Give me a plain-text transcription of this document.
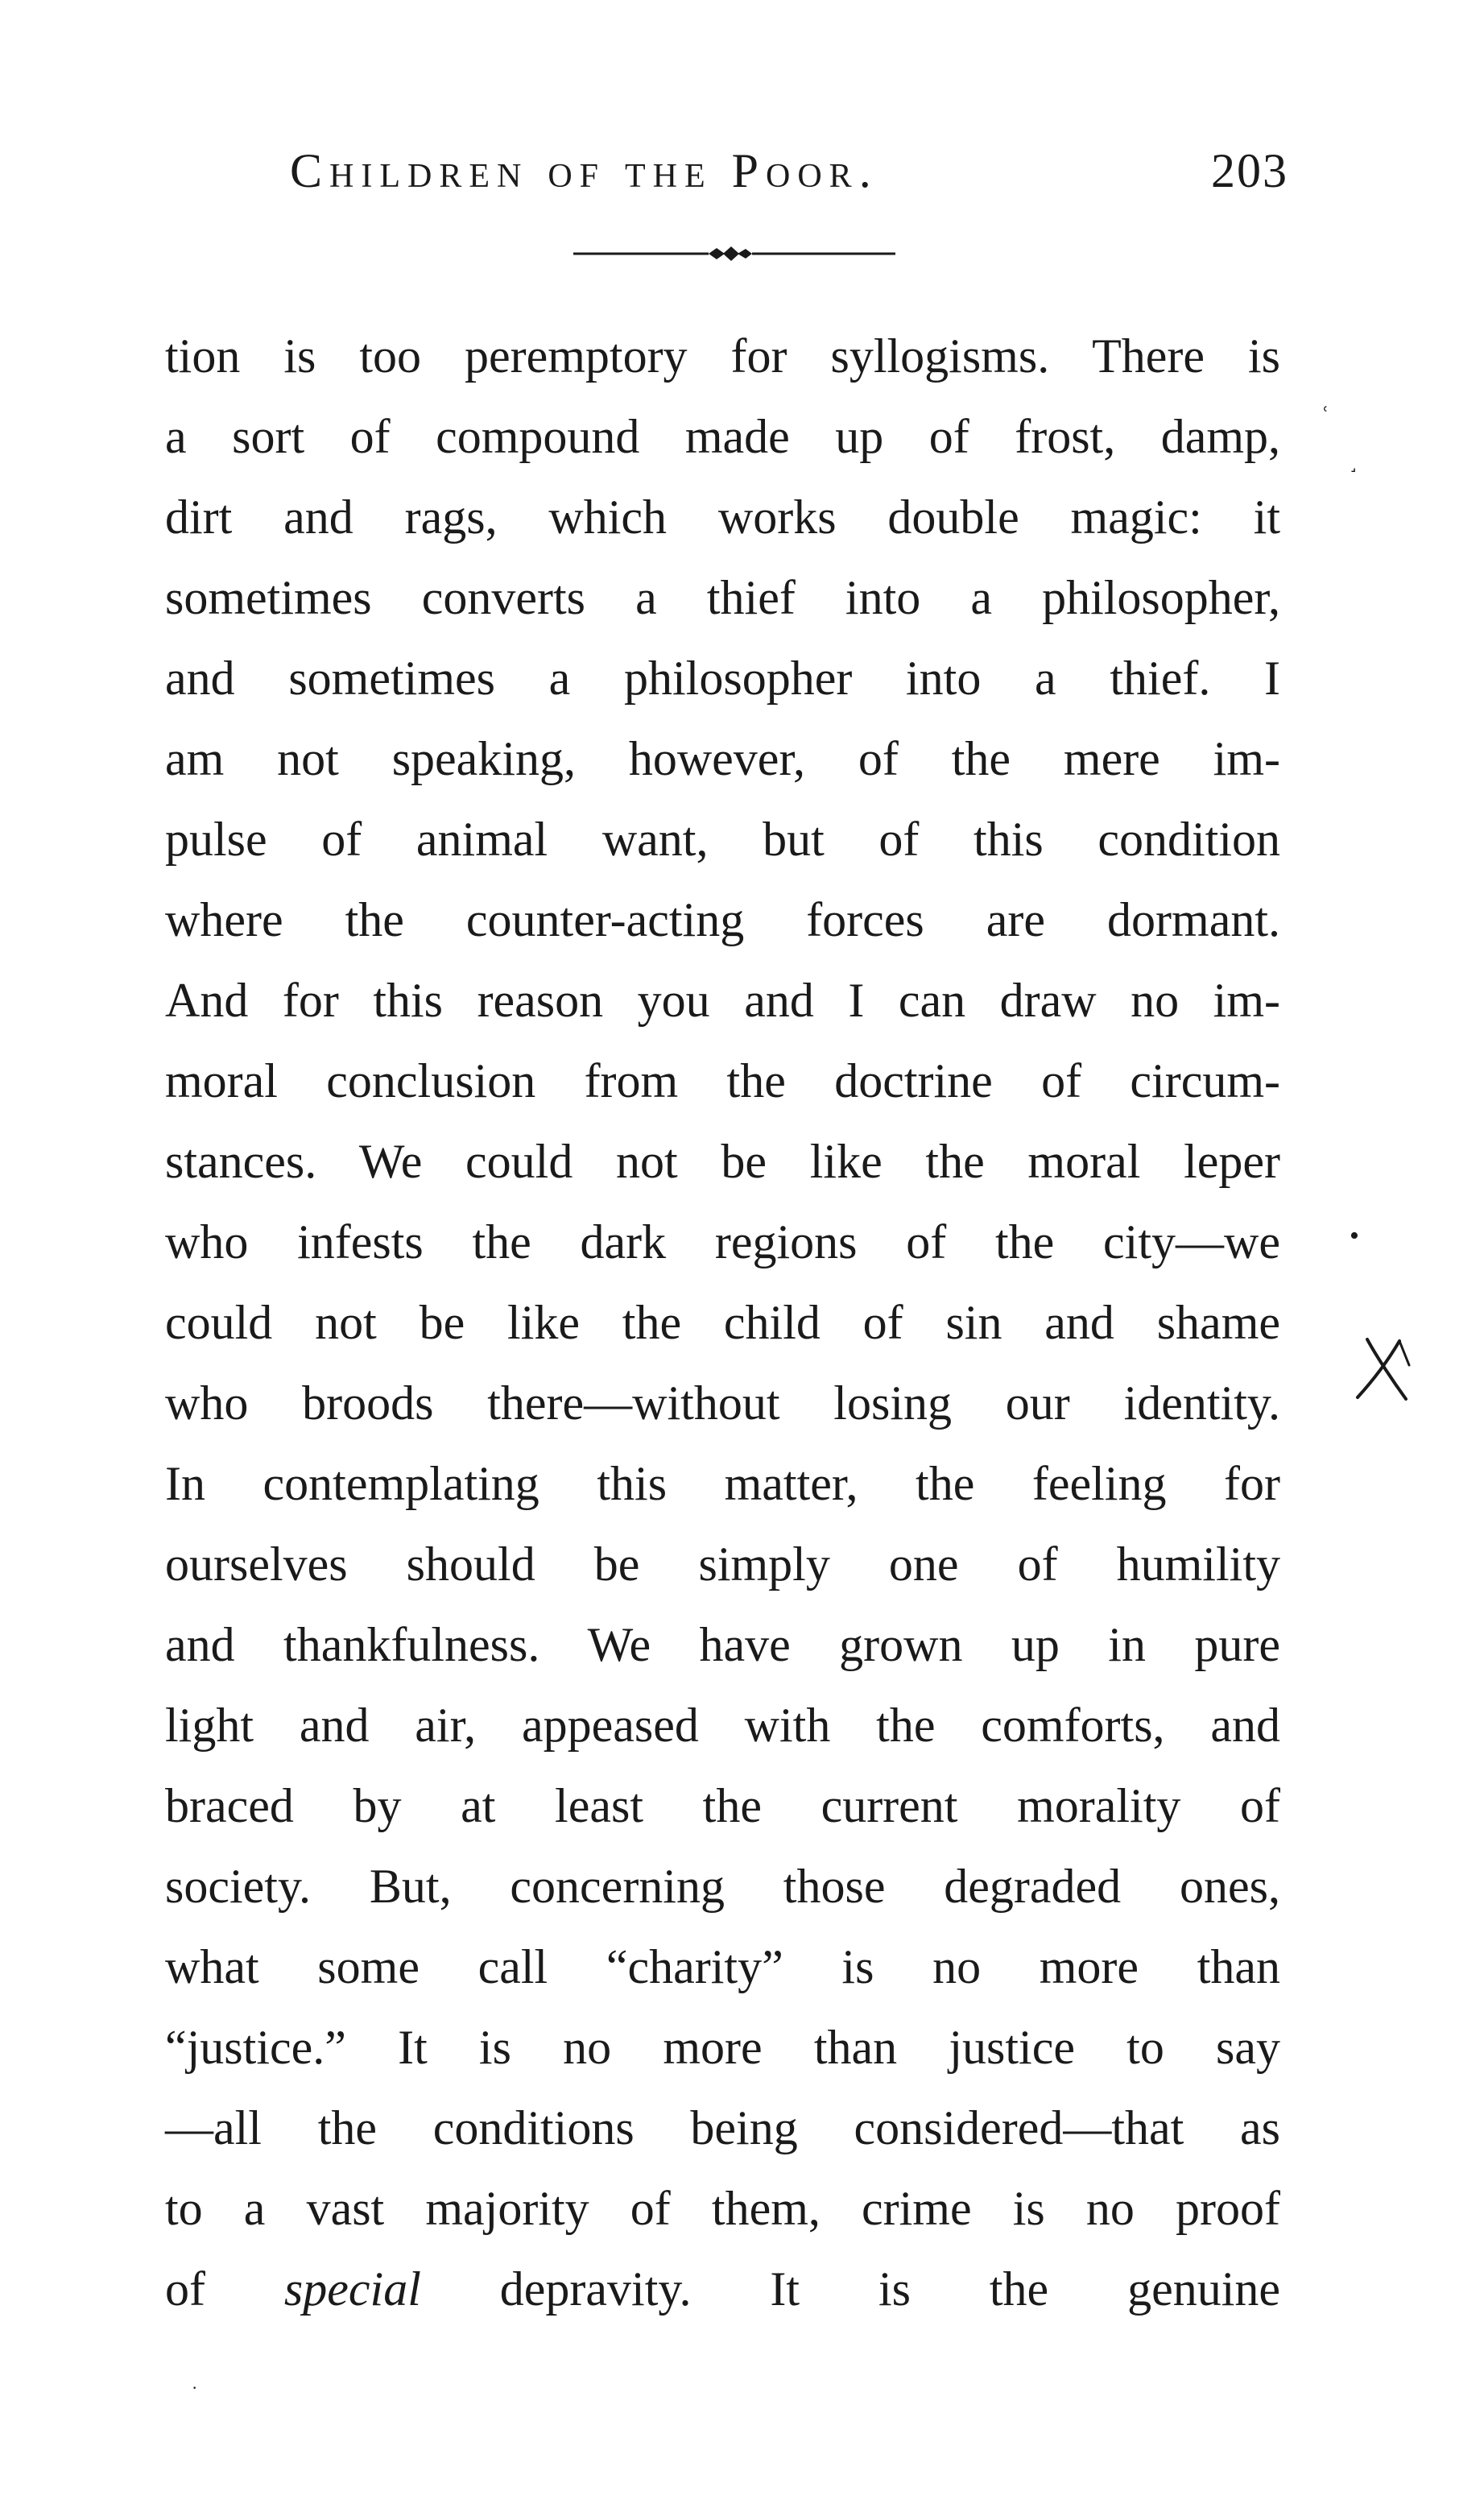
Children of the Poor.	203
tion is too peremptory for syllogisms. There is
a sort of compound made up of frost, damp,
dirt and rags, which works double magic: it
sometimes converts a thief into a philosopher,
and sometimes a philosopher into a thief. I
am not speaking, however, of the mere im-
pulse of animal want, but of this condition
where the counter-acting forces are dormant.
And for this reason you and I can draw no im-
moral conclusion from the doctrine of circum-
stances. We could not be like the moral leper
who infests the dark regions of the city—we
could not be like the child of sin and shame
who broods there—without losing our identity.
In contemplating this matter, the feeling for
ourselves should be simply one of humility
and thankfulness. We have grown up in pure
light and air, appeased with the comforts, and
braced by at least the current morality of
society. But, concerning those degraded ones,
what some call “charity” is no more than
“justice.” It is no more than justice to say
—all the conditions being considered—that as
to a vast majority of them, crime is no proof
of special depravity. It is the genuine
ʿ
˼
•
·
